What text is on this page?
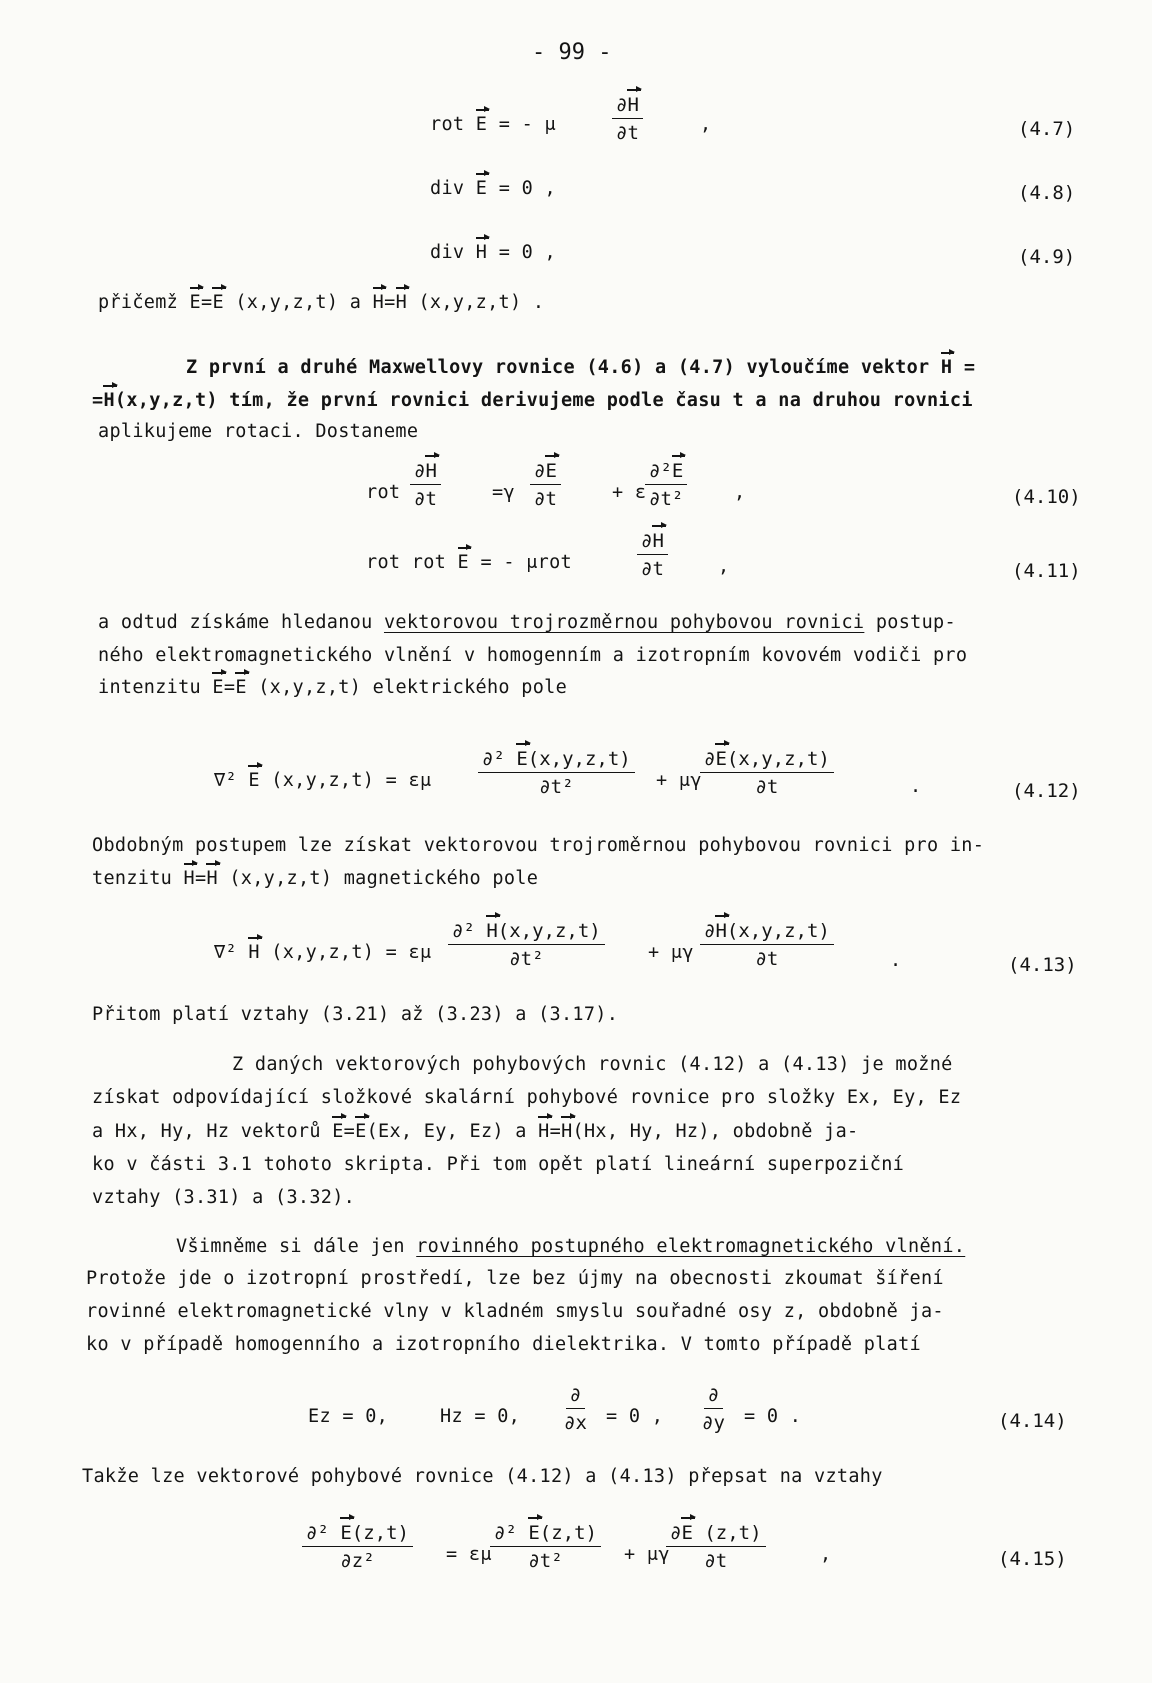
- 99 -
rot E = - μ	$\frac{\partial H}{\partial t}$	,	(4.7)
div E = 0 ,	(4.8)
div H = 0 ,	(4.9)
přičemž E=E (x,y,z,t) a H=H (x,y,z,t) .
Z první a druhé Maxwellovy rovnice (4.6) a (4.7) vyloučíme vektor H =
=H(x,y,z,t) tím, že první rovnici derivujeme podle času t a na druhou rovnici
aplikujeme rotaci. Dostaneme
rot $\frac{\partial H}{\partial t}$	$=\gamma \frac{\partial E}{\partial t}$	+ ε
$\frac{\text{∂²E}}{\text{∂t²}}$	,	(4.10)
rot rot E = - μrot	$\frac{\partial H}{\partial t}$	,	(4.11)
a odtud získáme hledanou vektorovou trojrozměrnou pohybovou rovnici postup-
ného elektromagnetického vlnění v homogenním a izotropním kovovém vodiči pro
intenzitu E=E (x,y,z,t) elektrického pole
∇² E (x,y,z,t) = εμ $\frac{\text{∂² E(x,y,z,t)}}{\text{∂t²}} + \mu\gamma$
$\frac{\partial E(x,y,z,t)}{\partial t}$	.	(4.12)
Obdobným postupem lze získat vektorovou trojroměrnou pohybovou rovnici pro in-
tenzitu H=H (x,y,z,t) magnetického pole
∇² H (x,y,z,t) = εμ $\frac{\text{∂² H(x,y,z,t)}}{\text{∂t²}} + \mu\gamma \frac{\partial H(x,y,z,t)}{\partial t}$	.	(4.13)
Přitom platí vztahy (3.21) až (3.23) a (3.17).
Z daných vektorových pohybových rovnic (4.12) a (4.13) je možné
získat odpovídající složkové skalární pohybové rovnice pro složky Ex, Ey, Ez
a Hx, Hy, Hz vektorů E=E(Ex, Ey, Ez) a H=H(Hx, Hy, Hz), obdobně ja-
ko v části 3.1 tohoto skripta. Při tom opět platí lineární superpoziční
vztahy (3.31) a (3.32).
Všimněme si dále jen rovinného postupného elektromagnetického vlnění.
Protože jde o izotropní prostředí, lze bez újmy na obecnosti zkoumat šíření
rovinné elektromagnetické vlny v kladném smyslu souřadné osy z, obdobně ja-
ko v případě homogenního a izotropního dielektrika. V tomto případě platí
Ez = 0,	Hz = 0,
∂
∂x = 0 ,
∂
∂y = 0 .	(4.14)
Takže lze vektorové pohybové rovnice (4.12) a (4.13) přepsat na vztahy
$\frac{\text{∂² E(z,t)}}{\text{∂z²}} = \varepsilon\mu$
$\frac{\text{∂² E(z,t)}}{\text{∂t²}} + \mu\gamma$
$\frac{\partial E (z,t)}{\partial t}$	,	(4.15)
